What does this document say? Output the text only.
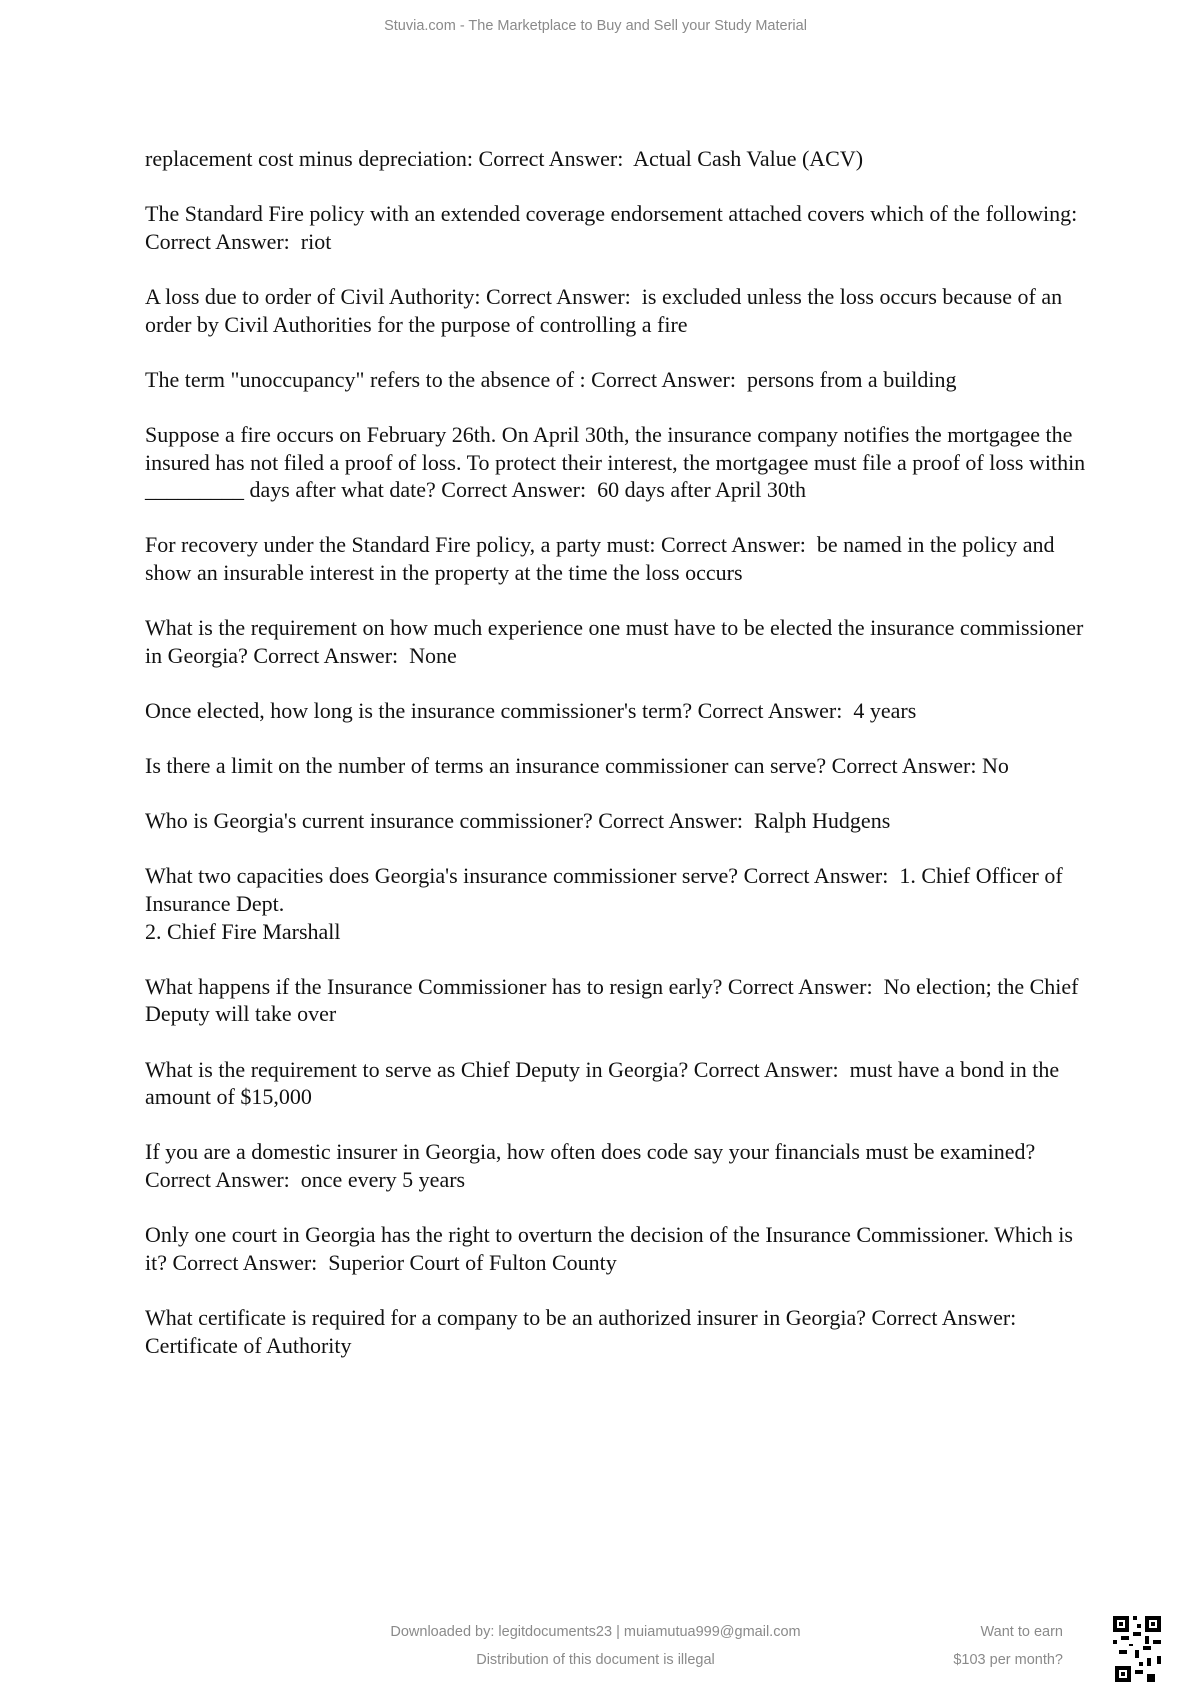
Stuvia.com - The Marketplace to Buy and Sell your Study Material

replacement cost minus depreciation: Correct Answer:  Actual Cash Value (ACV)

The Standard Fire policy with an extended coverage endorsement attached covers which of the following: Correct Answer:  riot

A loss due to order of Civil Authority: Correct Answer:  is excluded unless the loss occurs because of an order by Civil Authorities for the purpose of controlling a fire

The term "unoccupancy" refers to the absence of : Correct Answer:  persons from a building

Suppose a fire occurs on February 26th. On April 30th, the insurance company notifies the mortgagee the insured has not filed a proof of loss. To protect their interest, the mortgagee must file a proof of loss within _________ days after what date? Correct Answer:  60 days after April 30th

For recovery under the Standard Fire policy, a party must: Correct Answer:  be named in the policy and show an insurable interest in the property at the time the loss occurs

What is the requirement on how much experience one must have to be elected the insurance commissioner in Georgia? Correct Answer:  None

Once elected, how long is the insurance commissioner's term? Correct Answer:  4 years

Is there a limit on the number of terms an insurance commissioner can serve? Correct Answer: No

Who is Georgia's current insurance commissioner? Correct Answer:  Ralph Hudgens

What two capacities does Georgia's insurance commissioner serve? Correct Answer:  1. Chief Officer of Insurance Dept.
2. Chief Fire Marshall

What happens if the Insurance Commissioner has to resign early? Correct Answer:  No election; the Chief Deputy will take over

What is the requirement to serve as Chief Deputy in Georgia? Correct Answer:  must have a bond in the amount of $15,000

If you are a domestic insurer in Georgia, how often does code say your financials must be examined? Correct Answer:  once every 5 years

Only one court in Georgia has the right to overturn the decision of the Insurance Commissioner. Which is it? Correct Answer:  Superior Court of Fulton County

What certificate is required for a company to be an authorized insurer in Georgia? Correct Answer:  Certificate of Authority

Downloaded by: legitdocuments23 | muiamutua999@gmail.com
Distribution of this document is illegal
Want to earn
$103 per month?
